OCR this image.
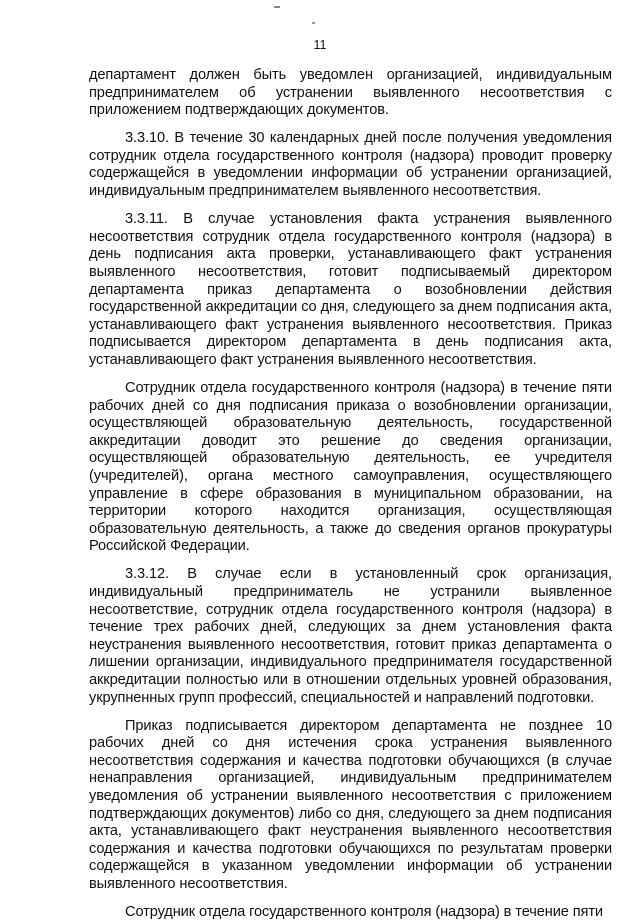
11

департамент должен быть уведомлен организацией, индивидуальным предпринимателем об устранении выявленного несоответствия с приложением подтверждающих документов.

3.3.10. В течение 30 календарных дней после получения уведомления сотрудник отдела государственного контроля (надзора) проводит проверку содержащейся в уведомлении информации об устранении организацией, индивидуальным предпринимателем выявленного несоответствия.

3.3.11. В случае установления факта устранения выявленного несоответствия сотрудник отдела государственного контроля (надзора) в день подписания акта проверки, устанавливающего факт устранения выявленного несоответствия, готовит подписываемый директором департамента приказ департамента о возобновлении действия государственной аккредитации со дня, следующего за днем подписания акта, устанавливающего факт устранения выявленного несоответствия. Приказ подписывается директором департамента в день подписания акта, устанавливающего факт устранения выявленного несоответствия.

Сотрудник отдела государственного контроля (надзора) в течение пяти рабочих дней со дня подписания приказа о возобновлении организации, осуществляющей образовательную деятельность, государственной аккредитации доводит это решение до сведения организации, осуществляющей образовательную деятельность, ее учредителя (учредителей), органа местного самоуправления, осуществляющего управление в сфере образования в муниципальном образовании, на территории которого находится организация, осуществляющая образовательную деятельность, а также до сведения органов прокуратуры Российской Федерации.

3.3.12. В случае если в установленный срок организация, индивидуальный предприниматель не устранили выявленное несоответствие, сотрудник отдела государственного контроля (надзора) в течение трех рабочих дней, следующих за днем установления факта неустранения выявленного несоответствия, готовит приказ департамента о лишении организации, индивидуального предпринимателя государственной аккредитации полностью или в отношении отдельных уровней образования, укрупненных групп профессий, специальностей и направлений подготовки.

Приказ подписывается директором департамента не позднее 10 рабочих дней со дня истечения срока устранения выявленного несоответствия содержания и качества подготовки обучающихся (в случае ненаправления организацией, индивидуальным предпринимателем уведомления об устранении выявленного несоответствия с приложением подтверждающих документов) либо со дня, следующего за днем подписания акта, устанавливающего факт неустранения выявленного несоответствия содержания и качества подготовки обучающихся по результатам проверки содержащейся в указанном уведомлении информации об устранении выявленного несоответствия.

Сотрудник отдела государственного контроля (надзора) в течение пяти
